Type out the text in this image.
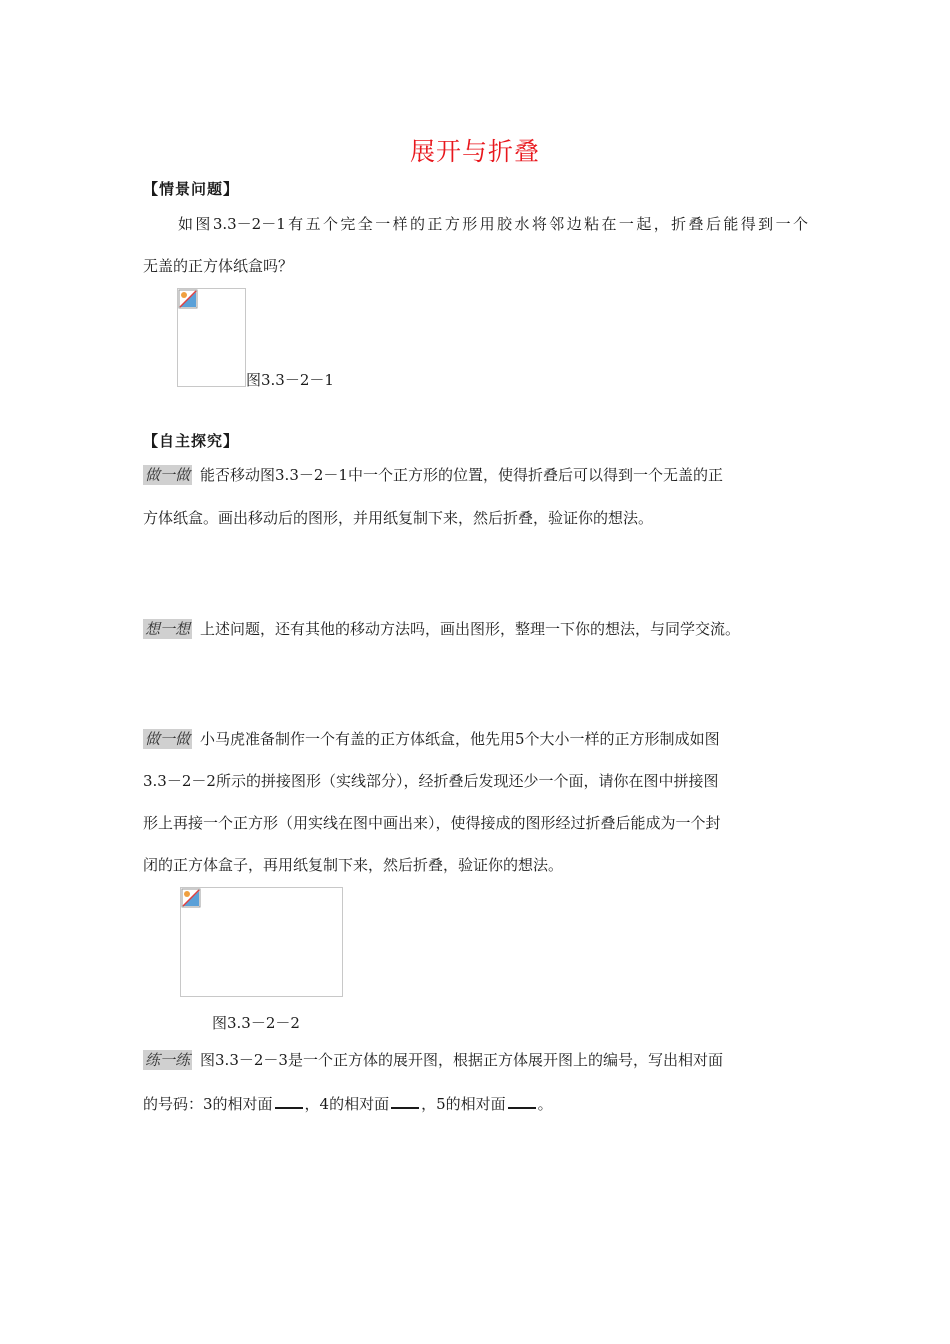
展开与折叠
【情景问题】
如图3.3－2－1有五个完全一样的正方形用胶水将邻边粘在一起，折叠后能得到一个
无盖的正方体纸盒吗？
图3.3－2－1
【自主探究】
做一做 能否移动图3.3－2－1中一个正方形的位置，使得折叠后可以得到一个无盖的正
方体纸盒。画出移动后的图形，并用纸复制下来，然后折叠，验证你的想法。
想一想 上述问题，还有其他的移动方法吗，画出图形，整理一下你的想法，与同学交流。
做一做 小马虎准备制作一个有盖的正方体纸盒，他先用5个大小一样的正方形制成如图
3.3－2－2所示的拼接图形（实线部分），经折叠后发现还少一个面，请你在图中拼接图
形上再接一个正方形（用实线在图中画出来），使得接成的图形经过折叠后能成为一个封
闭的正方体盒子，再用纸复制下来，然后折叠，验证你的想法。
图3.3－2－2
练一练 图3.3－2－3是一个正方体的展开图，根据正方体展开图上的编号，写出相对面
的号码：3的相对面 ，4的相对面 ，5的相对面 。
